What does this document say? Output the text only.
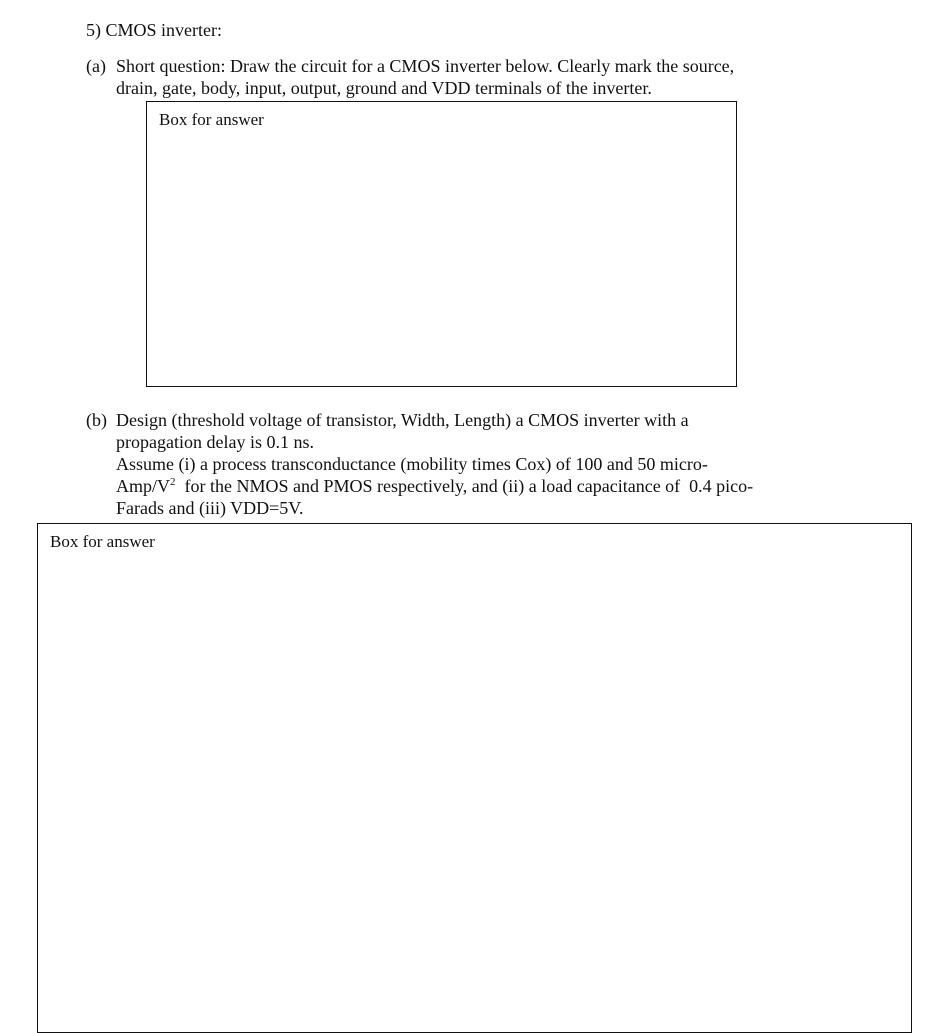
5) CMOS inverter:
(a) Short question: Draw the circuit for a CMOS inverter below. Clearly mark the source,
drain, gate, body, input, output, ground and VDD terminals of the inverter.
Box for answer
(b) Design (threshold voltage of transistor, Width, Length) a CMOS inverter with a
propagation delay is 0.1 ns.
Assume (i) a process transconductance (mobility times Cox) of 100 and 50 micro-
Amp/$V^2$  for the NMOS and PMOS respectively, and (ii) a load capacitance of  0.4 pico-
Farads and (iii) VDD=5V.
Box for answer
